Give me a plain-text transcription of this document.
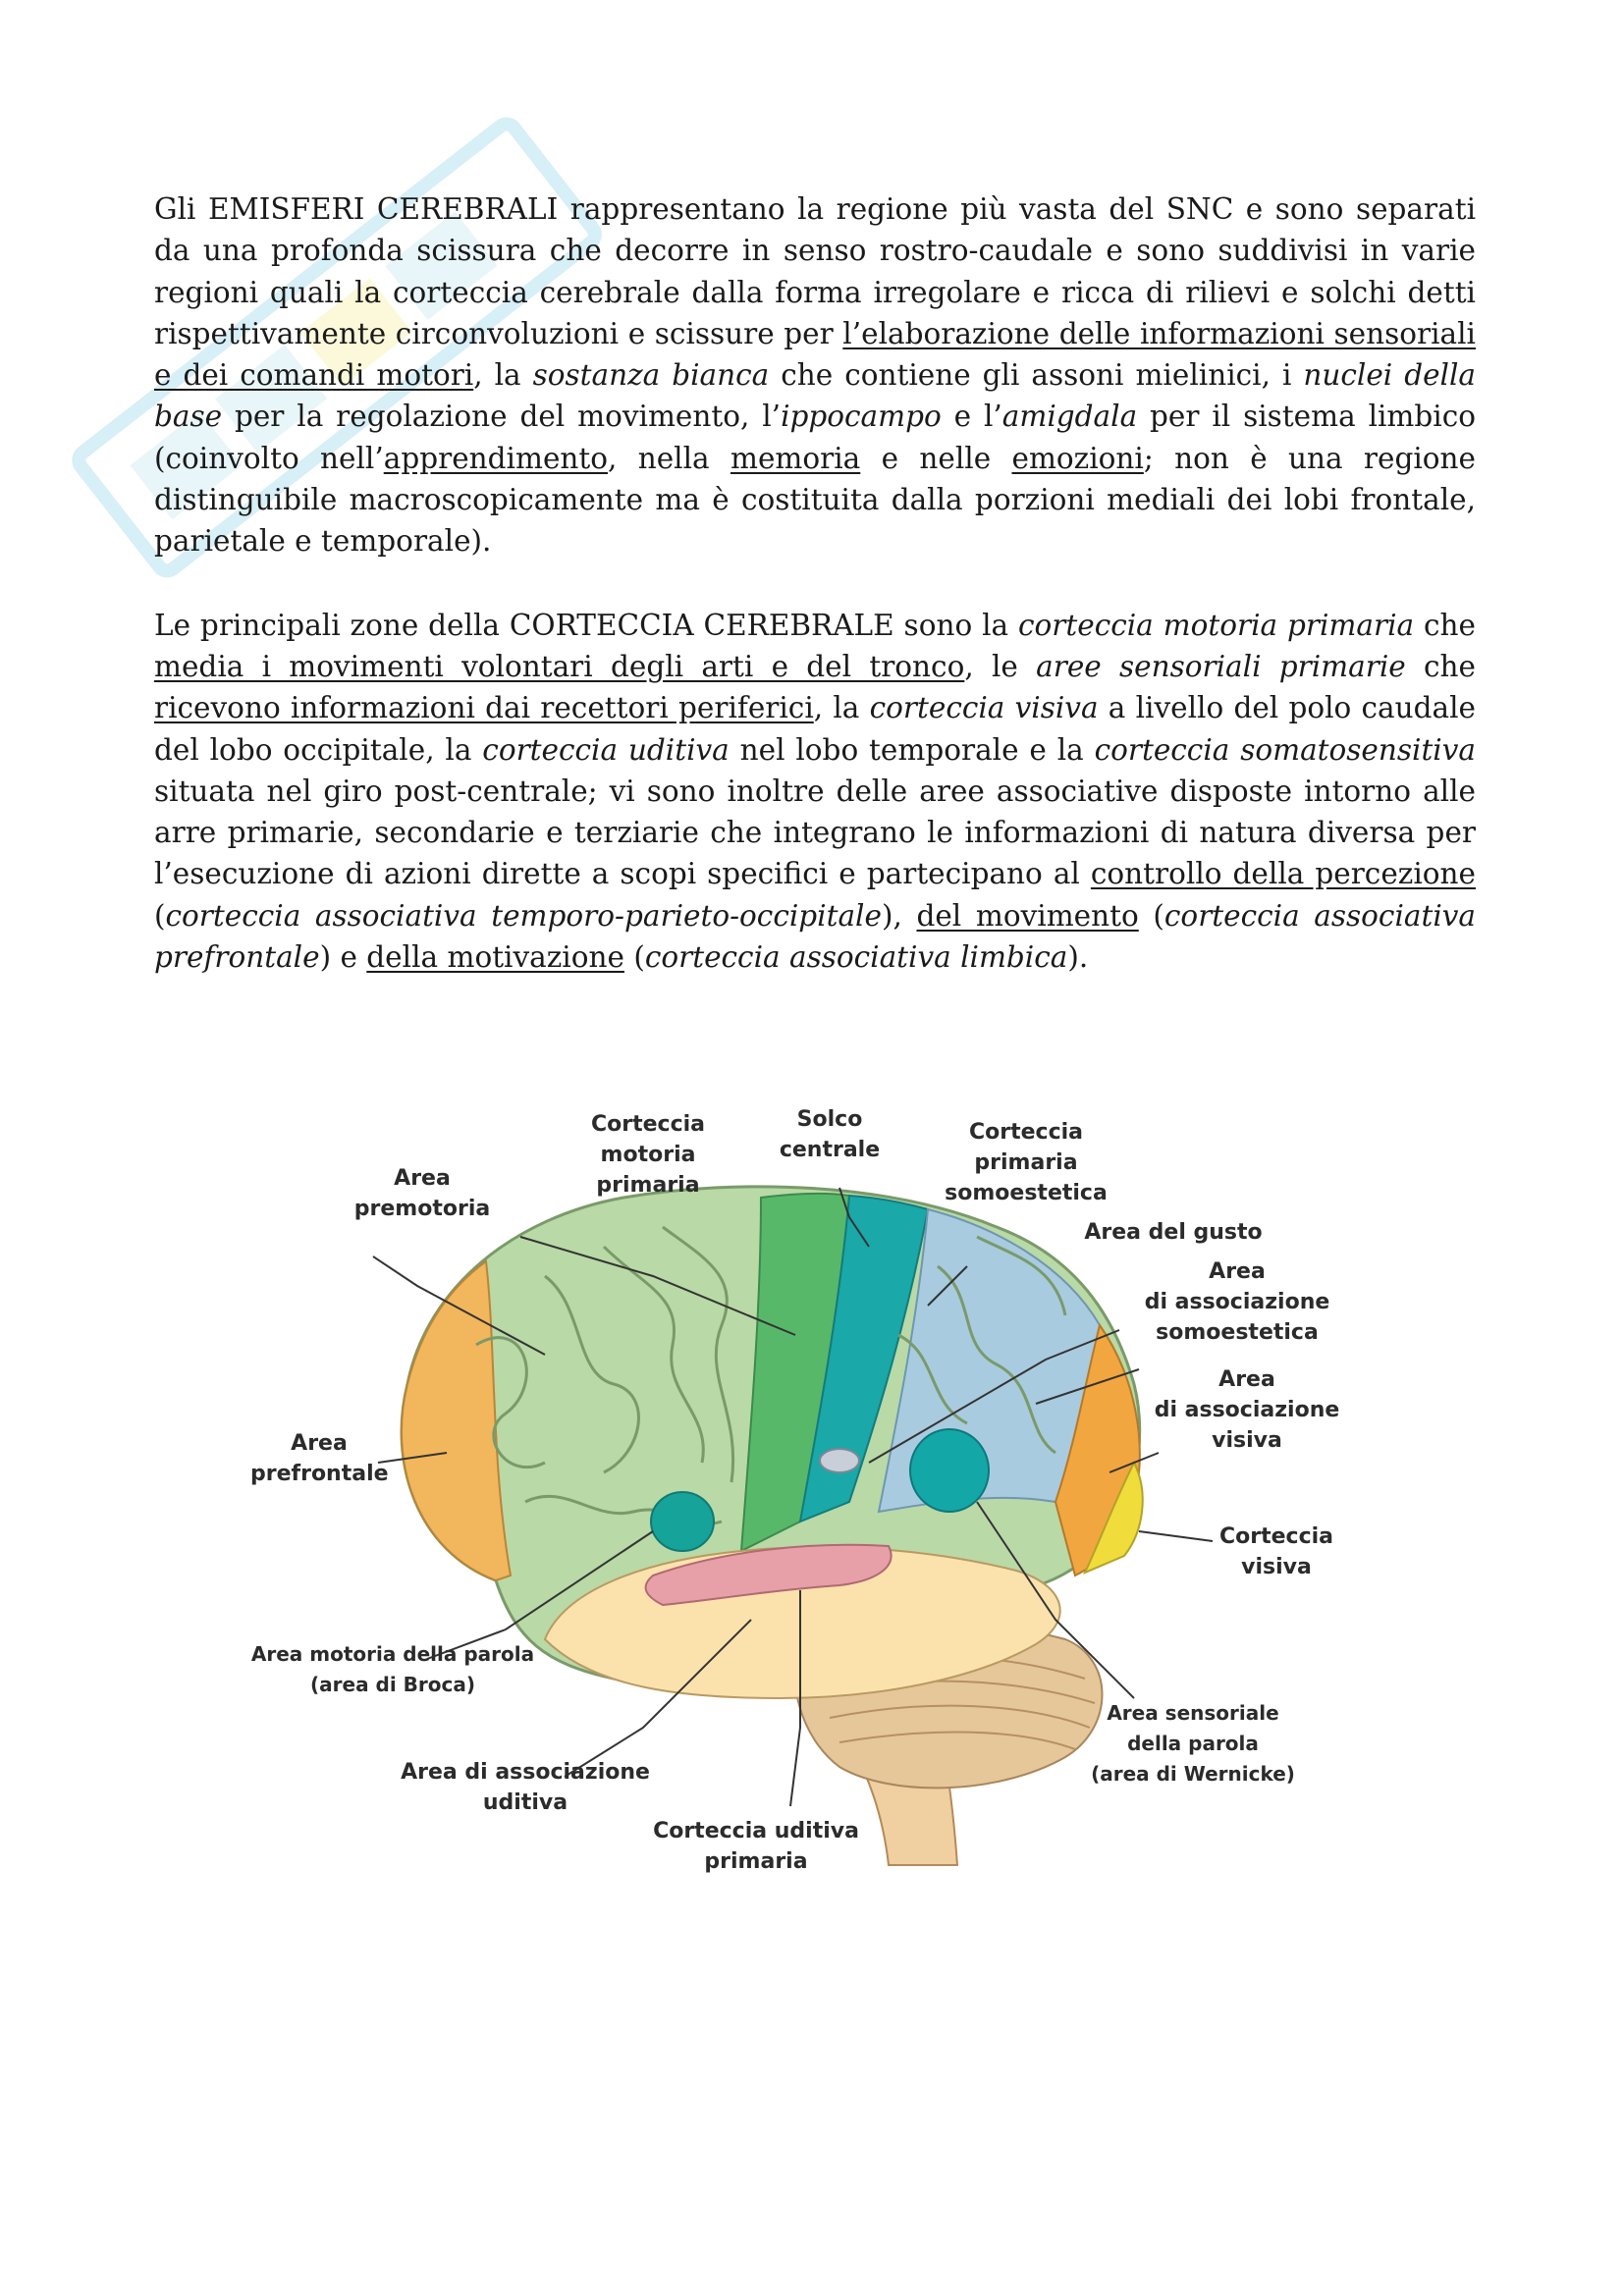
Gli EMISFERI CEREBRALI rappresentano la regione più vasta del SNC e sono separati da una profonda scissura che decorre in senso rostro-caudale e sono suddivisi in varie regioni quali la corteccia cerebrale dalla forma irregolare e ricca di rilievi e solchi detti rispettivamente circonvoluzioni e scissure per l’elaborazione delle informazioni sensoriali e dei comandi motori, la sostanza bianca che contiene gli assoni mielinici, i nuclei della base per la regolazione del movimento, l’ippocampo e l’amigdala per il sistema limbico (coinvolto nell’apprendimento, nella memoria e nelle emozioni; non è una regione distinguibile macroscopicamente ma è costituita dalla porzioni mediali dei lobi frontale, parietale e temporale).

Le principali zone della CORTECCIA CEREBRALE sono la corteccia motoria primaria che media i movimenti volontari degli arti e del tronco, le aree sensoriali primarie che ricevono informazioni dai recettori periferici, la corteccia visiva a livello del polo caudale del lobo occipitale, la corteccia uditiva nel lobo temporale e la corteccia somatosensitiva situata nel giro post-centrale; vi sono inoltre delle aree associative disposte intorno alle arre primarie, secondarie e terziarie che integrano le informazioni di natura diversa per l’esecuzione di azioni dirette a scopi specifici e partecipano al controllo della percezione (corteccia associativa temporo-parieto-occipitale), del movimento (corteccia associativa prefrontale) e della motivazione (corteccia associativa limbica).

Area
premotoria
Corteccia
motoria
primaria
Solco
centrale
Corteccia
primaria
somoestetica
Area del gusto
Area
di associazione
somoestetica
Area
di associazione
visiva
Area
prefrontale
Corteccia
visiva
Area motoria della parola
(area di Broca)
Area sensoriale
della parola
(area di Wernicke)
Area di associazione
uditiva
Corteccia uditiva
primaria
